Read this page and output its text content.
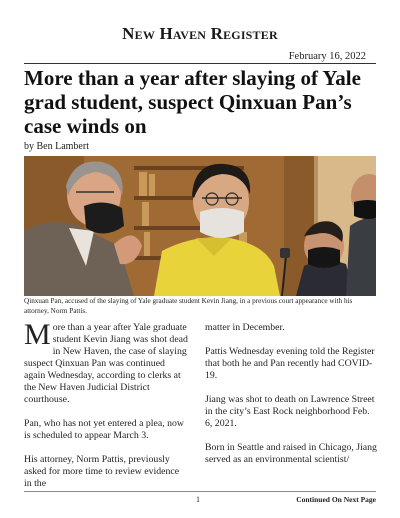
New Haven Register
February 16, 2022
More than a year after slaying of Yale grad student, suspect Qinxuan Pan’s case winds on
by Ben Lambert
Qinxuan Pan, accused of the slaying of Yale graduate student Kevin Jiang, in a previous court appearance with his attorney, Norm Pattis.

More than a year after Yale graduate student Kevin Jiang was shot dead in New Haven, the case of slaying suspect Qinxuan Pan was continued again Wednesday, according to clerks at the New Haven Judicial District courthouse.

Pan, who has not yet entered a plea, now is scheduled to appear March 3.

His attorney, Norm Pattis, previously asked for more time to review evidence in the

matter in December.

Pattis Wednesday evening told the Register that both he and Pan recently had COVID-19.

Jiang was shot to death on Lawrence Street in the city’s East Rock neighborhood Feb. 6, 2021.

Born in Seattle and raised in Chicago, Jiang served as an environmental scientist/

1	Continued On Next Page
